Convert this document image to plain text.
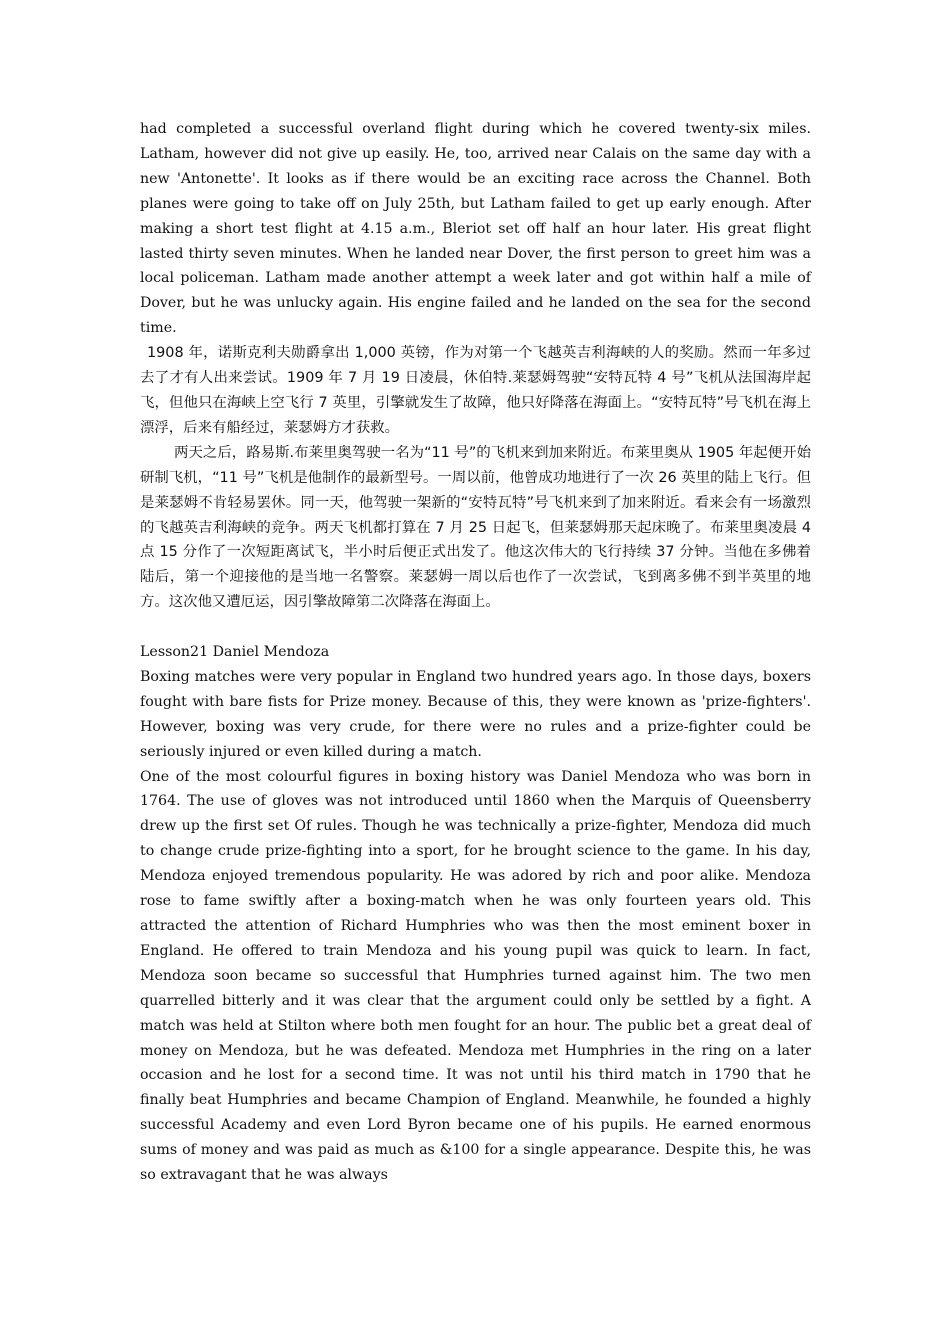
had completed a successful overland flight during which he covered twenty-six miles. Latham, however did not give up easily. He, too, arrived near Calais on the same day with a new 'Antonette'. It looks as if there would be an exciting race across the Channel. Both planes were going to take off on July 25th, but Latham failed to get up early enough. After making a short test flight at 4.15 a.m., Bleriot set off half an hour later. His great flight lasted thirty seven minutes. When he landed near Dover, the first person to greet him was a local policeman. Latham made another attempt a week later and got within half a mile of Dover, but he was unlucky again. His engine failed and he landed on the sea for the second time.

1908 年，诺斯克利夫勋爵拿出 1,000 英镑，作为对第一个飞越英吉利海峡的人的奖励。然而一年多过去了才有人出来尝试。1909 年 7 月 19 日凌晨，休伯特.莱瑟姆驾驶“安特瓦特 4 号”飞机从法国海岸起飞，但他只在海峡上空飞行 7 英里，引擎就发生了故障，他只好降落在海面上。“安特瓦特”号飞机在海上漂浮，后来有船经过，莱瑟姆方才获救。

两天之后，路易斯.布莱里奥驾驶一名为“11 号”的飞机来到加来附近。布莱里奥从 1905 年起便开始研制飞机，“11 号”飞机是他制作的最新型号。一周以前，他曾成功地进行了一次 26 英里的陆上飞行。但是莱瑟姆不肯轻易罢休。同一天，他驾驶一架新的“安特瓦特”号飞机来到了加来附近。看来会有一场激烈的飞越英吉利海峡的竞争。两天飞机都打算在 7 月 25 日起飞，但莱瑟姆那天起床晚了。布莱里奥凌晨 4 点 15 分作了一次短距离试飞，半小时后便正式出发了。他这次伟大的飞行持续 37 分钟。当他在多佛着陆后，第一个迎接他的是当地一名警察。莱瑟姆一周以后也作了一次尝试，飞到离多佛不到半英里的地方。这次他又遭厄运，因引擎故障第二次降落在海面上。

Lesson21 Daniel Mendoza

Boxing matches were very popular in England two hundred years ago. In those days, boxers fought with bare fists for Prize money. Because of this, they were known as 'prize-fighters'. However, boxing was very crude, for there were no rules and a prize-fighter could be seriously injured or even killed during a match.

One of the most colourful figures in boxing history was Daniel Mendoza who was born in 1764. The use of gloves was not introduced until 1860 when the Marquis of Queensberry drew up the first set Of rules. Though he was technically a prize-fighter, Mendoza did much to change crude prize-fighting into a sport, for he brought science to the game. In his day, Mendoza enjoyed tremendous popularity. He was adored by rich and poor alike. Mendoza rose to fame swiftly after a boxing-match when he was only fourteen years old. This attracted the attention of Richard Humphries who was then the most eminent boxer in England. He offered to train Mendoza and his young pupil was quick to learn. In fact, Mendoza soon became so successful that Humphries turned against him. The two men quarrelled bitterly and it was clear that the argument could only be settled by a fight. A match was held at Stilton where both men fought for an hour. The public bet a great deal of money on Mendoza, but he was defeated. Mendoza met Humphries in the ring on a later occasion and he lost for a second time. It was not until his third match in 1790 that he finally beat Humphries and became Champion of England. Meanwhile, he founded a highly successful Academy and even Lord Byron became one of his pupils. He earned enormous sums of money and was paid as much as &100 for a single appearance. Despite this, he was so extravagant that he was always
